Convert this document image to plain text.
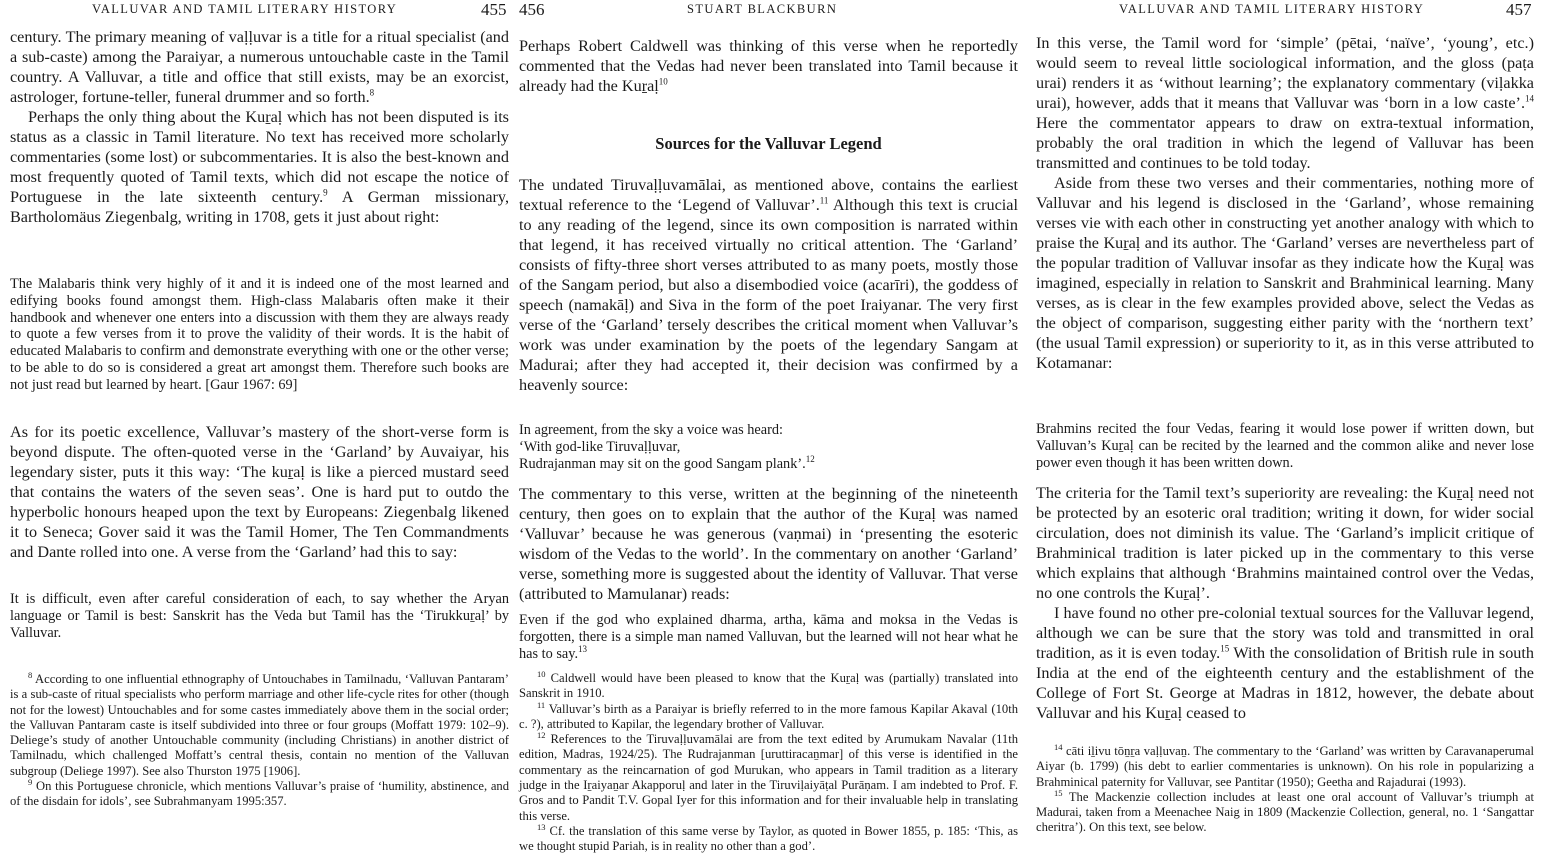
VALLUVAR AND TAMIL LITERARY HISTORY	455

century. The primary meaning of vaḷḷuvar is a title for a ritual specialist (and a sub-caste) among the Paraiyar, a numerous untouchable caste in the Tamil country. A Valluvar, a title and office that still exists, may be an exorcist, astrologer, fortune-teller, funeral drummer and so forth.$^8$

Perhaps the only thing about the Kuṟaḷ which has not been disputed is its status as a classic in Tamil literature. No text has received more scholarly commentaries (some lost) or subcommentaries. It is also the best-known and most frequently quoted of Tamil texts, which did not escape the notice of Portuguese in the late sixteenth century.$^9$ A German missionary, Bartholomäus Ziegenbalg, writing in 1708, gets it just about right:

The Malabaris think very highly of it and it is indeed one of the most learned and edifying books found amongst them. High-class Malabaris often make it their handbook and whenever one enters into a discussion with them they are always ready to quote a few verses from it to prove the validity of their words. It is the habit of educated Malabaris to confirm and demonstrate everything with one or the other verse; to be able to do so is considered a great art amongst them. Therefore such books are not just read but learned by heart. [Gaur 1967: 69]

As for its poetic excellence, Valluvar’s mastery of the short-verse form is beyond dispute. The often-quoted verse in the ‘Garland’ by Auvaiyar, his legendary sister, puts it this way: ‘The kuṟaḷ is like a pierced mustard seed that contains the waters of the seven seas’. One is hard put to outdo the hyperbolic honours heaped upon the text by Europeans: Ziegenbalg likened it to Seneca; Gover said it was the Tamil Homer, The Ten Commandments and Dante rolled into one. A verse from the ‘Garland’ had this to say:

It is difficult, even after careful consideration of each, to say whether the Aryan language or Tamil is best: Sanskrit has the Veda but Tamil has the ‘Tirukkuṟaḷ’ by Valluvar.

$^8$ According to one influential ethnography of Untouchabes in Tamilnadu, ‘Valluvan Pantaram’ is a sub-caste of ritual specialists who perform marriage and other life-cycle rites for other (though not for the lowest) Untouchables and for some castes immediately above them in the social order; the Valluvan Pantaram caste is itself subdivided into three or four groups (Moffatt 1979: 102–9). Deliege’s study of another Untouchable community (including Christians) in another district of Tamilnadu, which challenged Moffatt’s central thesis, contain no mention of the Valluvan subgroup (Deliege 1997). See also Thurston 1975 [1906].

$^9$ On this Portuguese chronicle, which mentions Valluvar’s praise of ‘humility, abstinence, and of the disdain for idols’, see Subrahmanyam 1995:357.

456	STUART BLACKBURN

Perhaps Robert Caldwell was thinking of this verse when he reportedly commented that the Vedas had never been translated into Tamil because it already had the Kuṟaḷ$^{10}$

Sources for the Valluvar Legend

The undated Tiruvaḷḷuvamālai, as mentioned above, contains the earliest textual reference to the ‘Legend of Valluvar’.$^{11}$ Although this text is crucial to any reading of the legend, since its own composition is narrated within that legend, it has received virtually no critical attention. The ‘Garland’ consists of fifty-three short verses attributed to as many poets, mostly those of the Sangam period, but also a disembodied voice (acarīri), the goddess of speech (namakāḷ) and Siva in the form of the poet Iraiyanar. The very first verse of the ‘Garland’ tersely describes the critical moment when Valluvar’s work was under examination by the poets of the legendary Sangam at Madurai; after they had accepted it, their decision was confirmed by a heavenly source:

In agreement, from the sky a voice was heard:

‘With god-like Tiruvaḷḷuvar,

Rudrajanman may sit on the good Sangam plank’.$^{12}$

The commentary to this verse, written at the beginning of the nineteenth century, then goes on to explain that the author of the Kuṟaḷ was named ‘Valluvar’ because he was generous (vaṇmai) in ‘presenting the esoteric wisdom of the Vedas to the world’. In the commentary on another ‘Garland’ verse, something more is suggested about the identity of Valluvar. That verse (attributed to Mamulanar) reads:

Even if the god who explained dharma, artha, kāma and moksa in the Vedas is forgotten, there is a simple man named Valluvan, but the learned will not hear what he has to say.$^{13}$

$^{10}$ Caldwell would have been pleased to know that the Kuṟaḷ was (partially) translated into Sanskrit in 1910.

$^{11}$ Valluvar’s birth as a Paraiyar is briefly referred to in the more famous Kapilar Akaval (10th c. ?), attributed to Kapilar, the legendary brother of Valluvar.

$^{12}$ References to the Tiruvaḷḷuvamālai are from the text edited by Arumukam Navalar (11th edition, Madras, 1924/25). The Rudrajanman [uruttiracaṉmar] of this verse is identified in the commentary as the reincarnation of god Murukan, who appears in Tamil tradition as a literary judge in the Iṟaiyaṉar Akapporuḷ and later in the Tiruviḷaiyāṭal Purāṇam. I am indebted to Prof. F. Gros and to Pandit T.V. Gopal Iyer for this information and for their invaluable help in translating this verse.

$^{13}$ Cf. the translation of this same verse by Taylor, as quoted in Bower 1855, p. 185: ‘This, as we thought stupid Pariah, is in reality no other than a god’.

VALLUVAR AND TAMIL LITERARY HISTORY	457

In this verse, the Tamil word for ‘simple’ (pētai, ‘naïve’, ‘young’, etc.) would seem to reveal little sociological information, and the gloss (paṭa urai) renders it as ‘without learning’; the explanatory commentary (viḷakka urai), however, adds that it means that Valluvar was ‘born in a low caste’.$^{14}$ Here the commentator appears to draw on extra-textual information, probably the oral tradition in which the legend of Valluvar has been transmitted and continues to be told today.

Aside from these two verses and their commentaries, nothing more of Valluvar and his legend is disclosed in the ‘Garland’, whose remaining verses vie with each other in constructing yet another analogy with which to praise the Kuṟaḷ and its author. The ‘Garland’ verses are nevertheless part of the popular tradition of Valluvar insofar as they indicate how the Kuṟaḷ was imagined, especially in relation to Sanskrit and Brahminical learning. Many verses, as is clear in the few examples provided above, select the Vedas as the object of comparison, suggesting either parity with the ‘northern text’ (the usual Tamil expression) or superiority to it, as in this verse attributed to Kotamanar:

Brahmins recited the four Vedas, fearing it would lose power if written down, but Valluvan’s Kuṟaḷ can be recited by the learned and the common alike and never lose power even though it has been written down.

The criteria for the Tamil text’s superiority are revealing: the Kuṟaḷ need not be protected by an esoteric oral tradition; writing it down, for wider social circulation, does not diminish its value. The ‘Garland’s implicit critique of Brahminical tradition is later picked up in the commentary to this verse which explains that although ‘Brahmins maintained control over the Vedas, no one controls the Kuṟaḷ’.

I have found no other pre-colonial textual sources for the Valluvar legend, although we can be sure that the story was told and transmitted in oral tradition, as it is even today.$^{15}$ With the consolidation of British rule in south India at the end of the eighteenth century and the establishment of the College of Fort St. George at Madras in 1812, however, the debate about Valluvar and his Kuṟaḷ ceased to

$^{14}$ cāti iḻivu tōṉṟa vaḷḷuvaṉ. The commentary to the ‘Garland’ was written by Caravanaperumal Aiyar (b. 1799) (his debt to earlier commentaries is unknown). On his role in popularizing a Brahminical paternity for Valluvar, see Pantitar (1950); Geetha and Rajadurai (1993).

$^{15}$ The Mackenzie collection includes at least one oral account of Valluvar’s triumph at Madurai, taken from a Meenachee Naig in 1809 (Mackenzie Collection, general, no. 1 ‘Sangattar cheritra’). On this text, see below.
